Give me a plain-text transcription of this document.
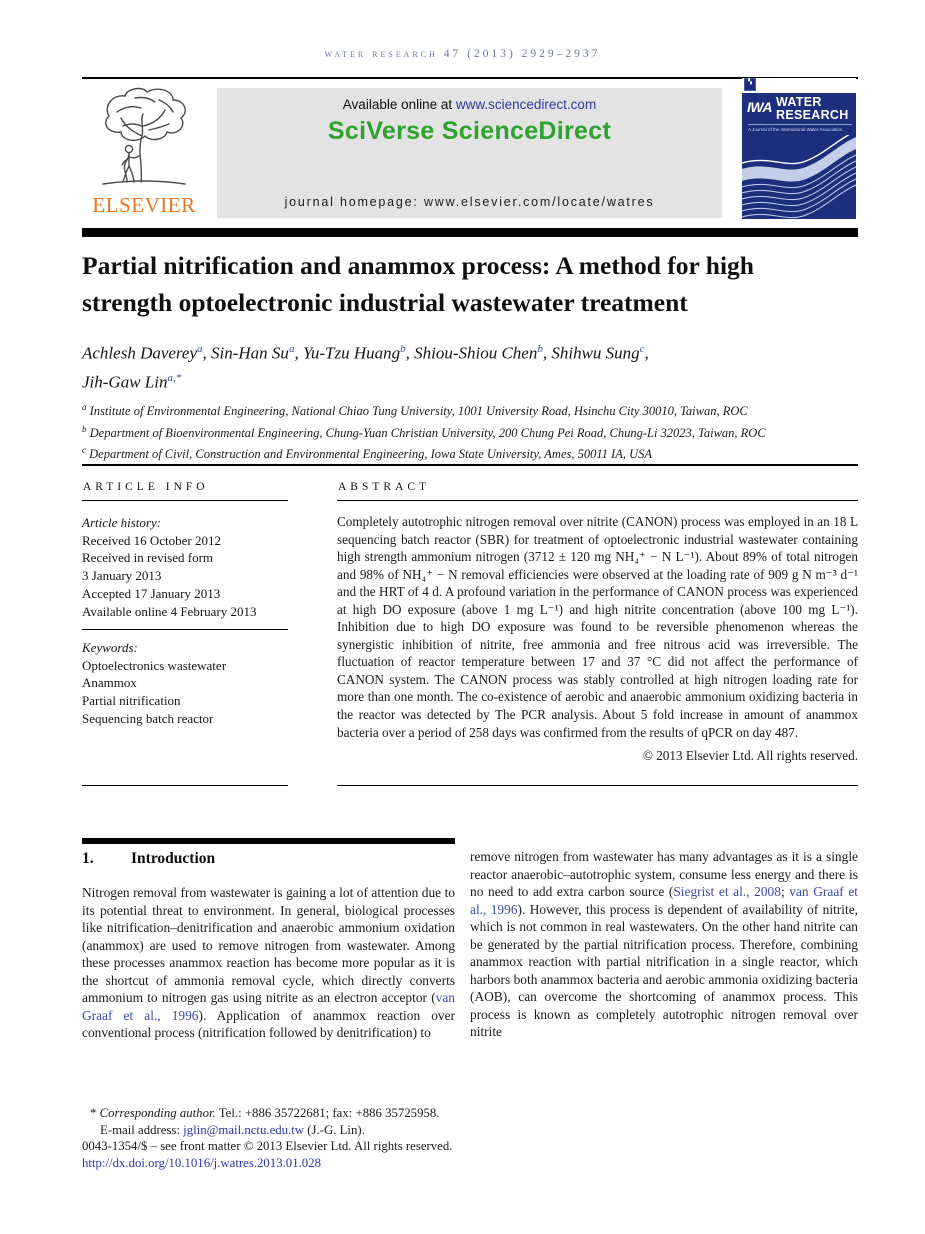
water research 47 (2013) 2929–2937
ELSEVIER
Available online at www.sciencedirect.com
SciVerse ScienceDirect
journal homepage: www.elsevier.com/locate/watres
▚
IWA WATER
RESEARCH
A Journal of the International Water Association
Partial nitrification and anammox process: A method for high
strength optoelectronic industrial wastewater treatment
Achlesh Daverey$^a$, Sin-Han Su$^a$, Yu-Tzu Huang$^b$, Shiou-Shiou Chen$^b$, Shihwu Sung$^c$,
Jih-Gaw Lin$^{a,*}$
$^a$ Institute of Environmental Engineering, National Chiao Tung University, 1001 University Road, Hsinchu City 30010, Taiwan, ROC
$^b$ Department of Bioenvironmental Engineering, Chung-Yuan Christian University, 200 Chung Pei Road, Chung-Li 32023, Taiwan, ROC
$^c$ Department of Civil, Construction and Environmental Engineering, Iowa State University, Ames, 50011 IA, USA
ARTICLE INFO	ABSTRACT
Article history:
Received 16 October 2012
Received in revised form
3 January 2013
Accepted 17 January 2013
Available online 4 February 2013
Keywords:
Optoelectronics wastewater
Anammox
Partial nitrification
Sequencing batch reactor
Completely autotrophic nitrogen removal over nitrite (CANON) process was employed in an 18 L sequencing batch reactor (SBR) for treatment of optoelectronic industrial wastewater containing high strength ammonium nitrogen (3712 ± 120 mg NH₄⁺ − N L⁻¹). About 89% of total nitrogen and 98% of NH₄⁺ − N removal efficiencies were observed at the loading rate of 909 g N m⁻³ d⁻¹ and the HRT of 4 d. A profound variation in the performance of CANON process was experienced at high DO exposure (above 1 mg L⁻¹) and high nitrite concentration (above 100 mg L⁻¹). Inhibition due to high DO exposure was found to be reversible phenomenon whereas the synergistic inhibition of nitrite, free ammonia and free nitrous acid was irreversible. The fluctuation of reactor temperature between 17 and 37 °C did not affect the performance of CANON system. The CANON process was stably controlled at high nitrogen loading rate for more than one month. The co-existence of aerobic and anaerobic ammonium oxidizing bacteria in the reactor was detected by The PCR analysis. About 5 fold increase in amount of anammox bacteria over a period of 258 days was confirmed from the results of qPCR on day 487.
© 2013 Elsevier Ltd. All rights reserved.
1. Introduction
Nitrogen removal from wastewater is gaining a lot of attention due to its potential threat to environment. In general, biological processes like nitrification–denitrification and anaerobic ammonium oxidation (anammox) are used to remove nitrogen from wastewater. Among these processes anammox reaction has become more popular as it is the shortcut of ammonia removal cycle, which directly converts ammonium to nitrogen gas using nitrite as an electron acceptor (van Graaf et al., 1996). Application of anammox reaction over conventional process (nitrification followed by denitrification) to
remove nitrogen from wastewater has many advantages as it is a single reactor anaerobic–autotrophic system, consume less energy and there is no need to add extra carbon source (Siegrist et al., 2008; van Graaf et al., 1996). However, this process is dependent of availability of nitrite, which is not common in real wastewaters. On the other hand nitrite can be generated by the partial nitrification process. Therefore, combining anammox reaction with partial nitrification in a single reactor, which harbors both anammox bacteria and aerobic ammonia oxidizing bacteria (AOB), can overcome the shortcoming of anammox process. This process is known as completely autotrophic nitrogen removal over nitrite
* Corresponding author. Tel.: +886 35722681; fax: +886 35725958.
E-mail address: jglin@mail.nctu.edu.tw (J.-G. Lin).
0043-1354/$ – see front matter © 2013 Elsevier Ltd. All rights reserved.
http://dx.doi.org/10.1016/j.watres.2013.01.028
